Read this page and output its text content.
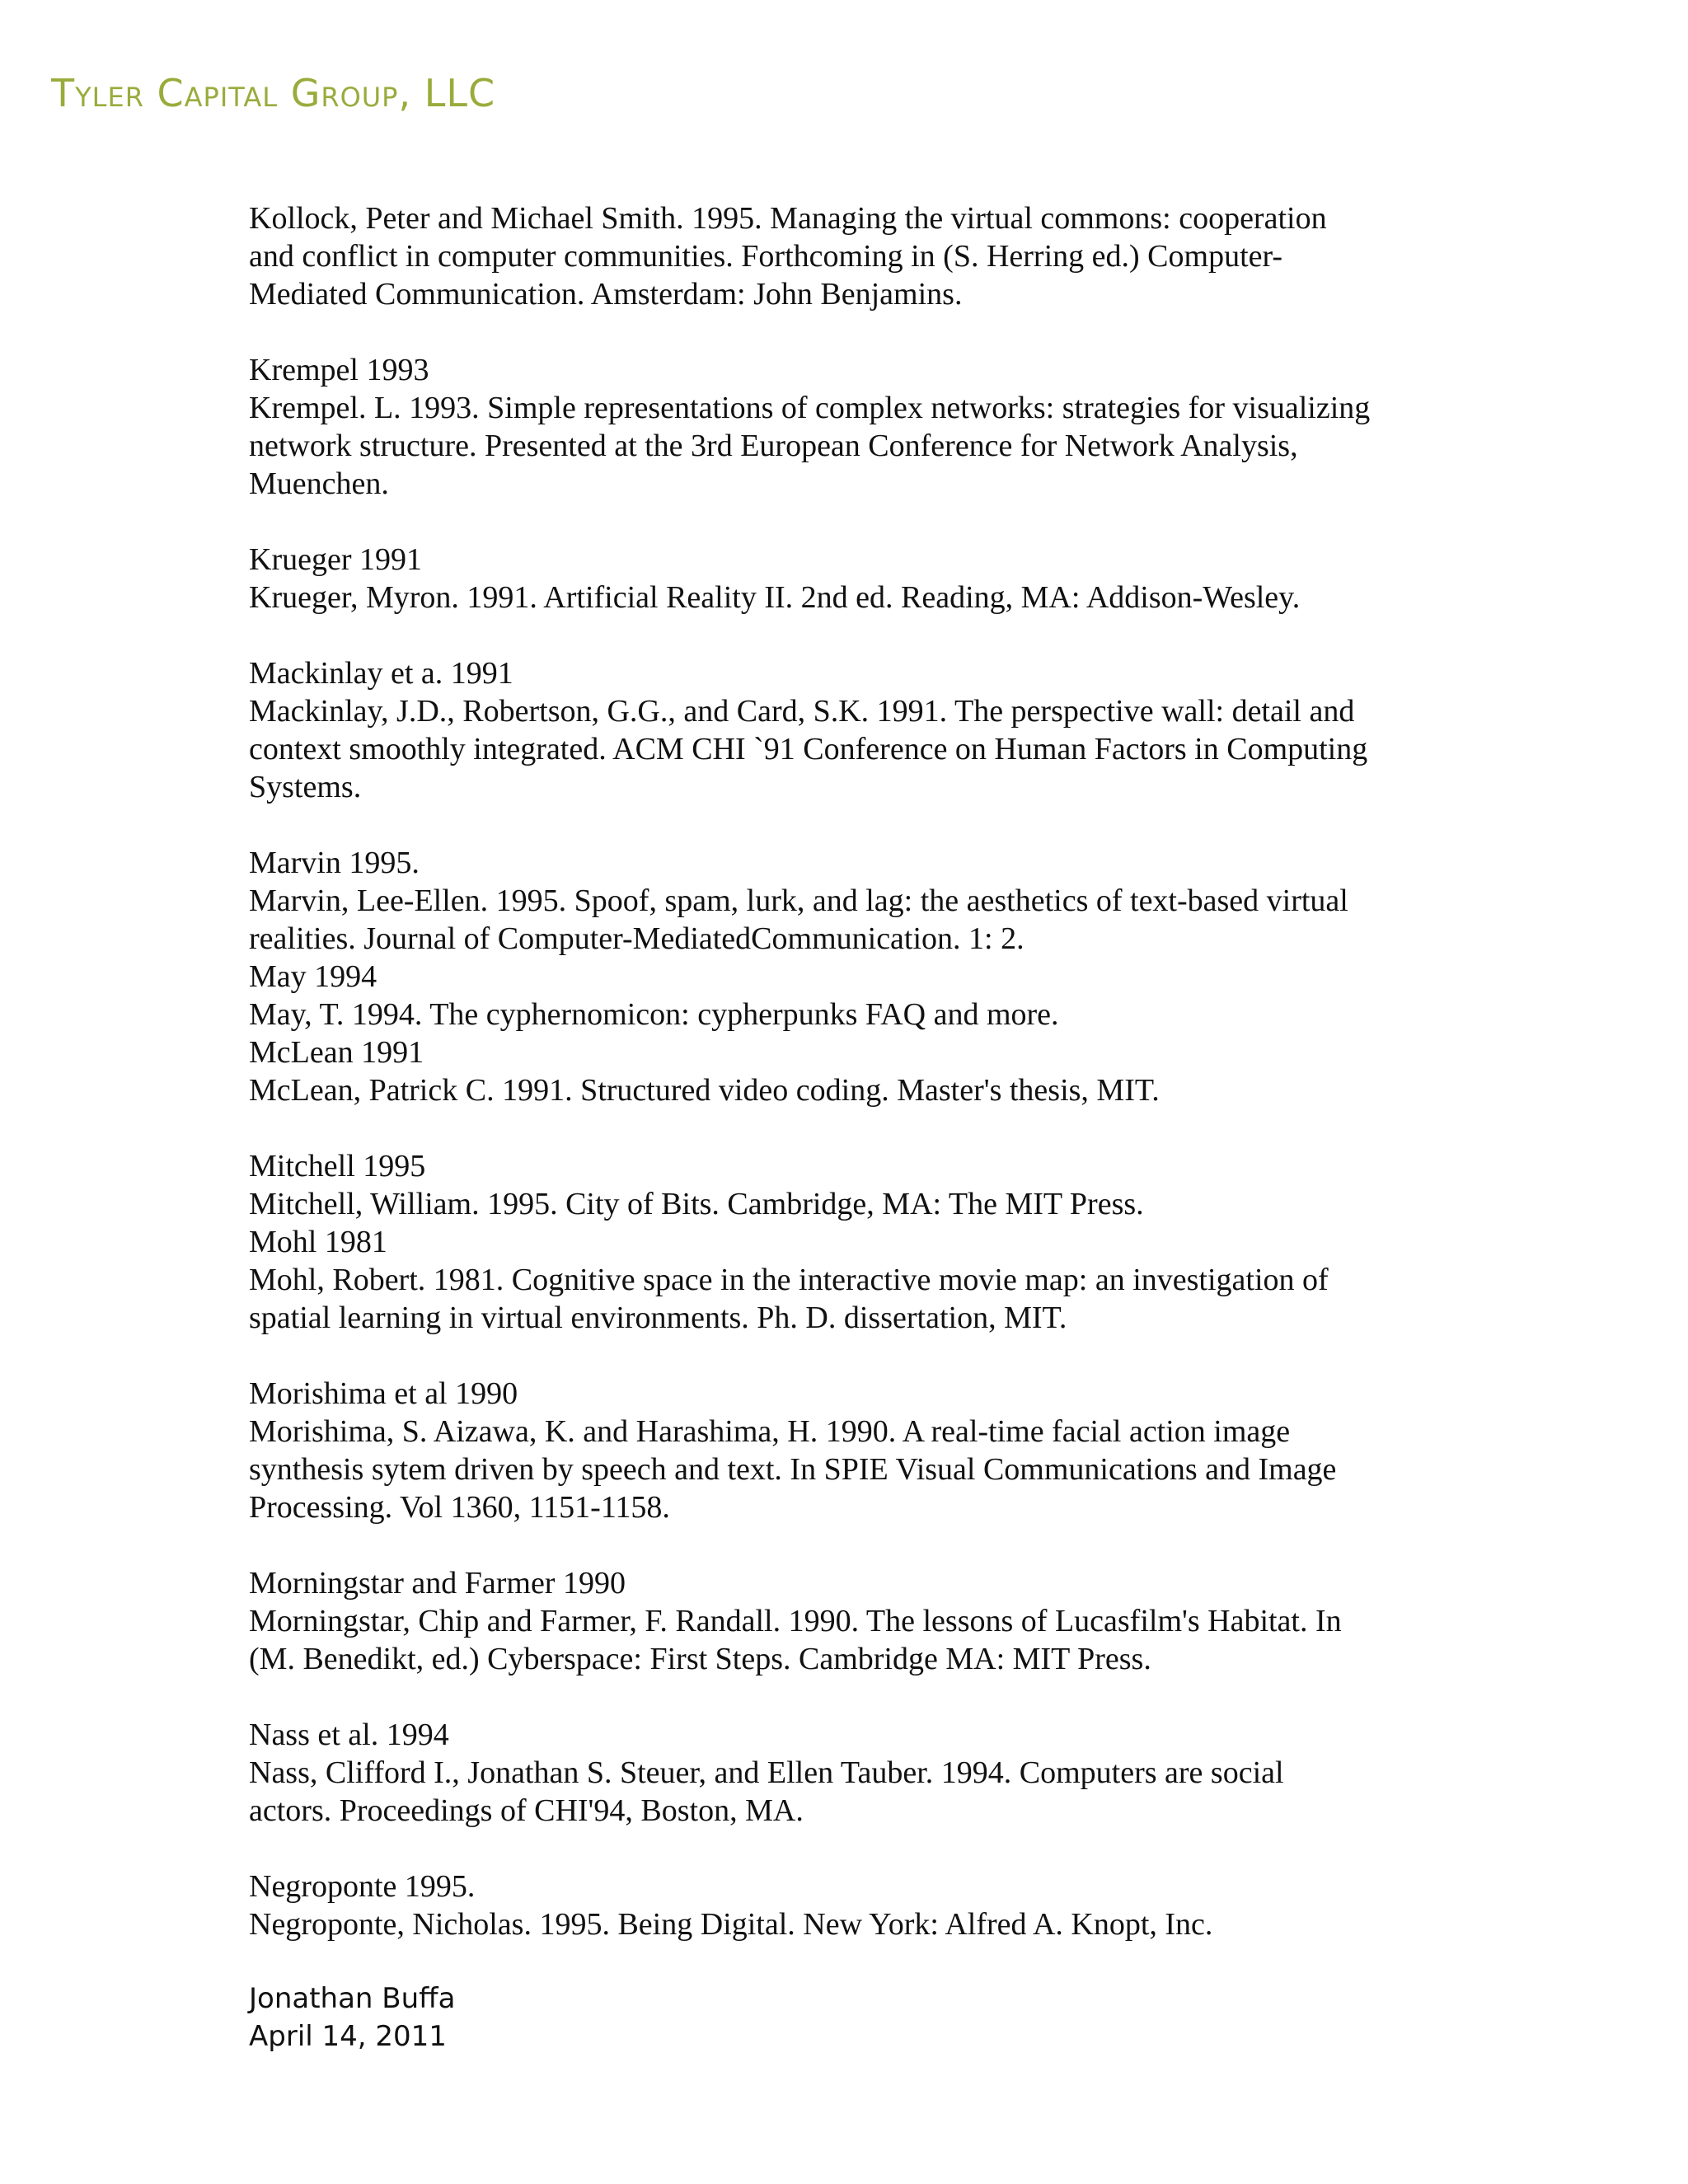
Tyler Capital Group, LLC
Kollock, Peter and Michael Smith. 1995. Managing the virtual commons: cooperation
and conflict in computer communities. Forthcoming in (S. Herring ed.) Computer-
Mediated Communication. Amsterdam: John Benjamins.
Krempel 1993
Krempel. L. 1993. Simple representations of complex networks: strategies for visualizing
network structure. Presented at the 3rd European Conference for Network Analysis,
Muenchen.
Krueger 1991
Krueger, Myron. 1991. Artificial Reality II. 2nd ed. Reading, MA: Addison-Wesley.
Mackinlay et a. 1991
Mackinlay, J.D., Robertson, G.G., and Card, S.K. 1991. The perspective wall: detail and
context smoothly integrated. ACM CHI `91 Conference on Human Factors in Computing
Systems.
Marvin 1995.
Marvin, Lee-Ellen. 1995. Spoof, spam, lurk, and lag: the aesthetics of text-based virtual
realities. Journal of Computer-MediatedCommunication. 1: 2.
May 1994
May, T. 1994. The cyphernomicon: cypherpunks FAQ and more.
McLean 1991
McLean, Patrick C. 1991. Structured video coding. Master's thesis, MIT.
Mitchell 1995
Mitchell, William. 1995. City of Bits. Cambridge, MA: The MIT Press.
Mohl 1981
Mohl, Robert. 1981. Cognitive space in the interactive movie map: an investigation of
spatial learning in virtual environments. Ph. D. dissertation, MIT.
Morishima et al 1990
Morishima, S. Aizawa, K. and Harashima, H. 1990. A real-time facial action image
synthesis sytem driven by speech and text. In SPIE Visual Communications and Image
Processing. Vol 1360, 1151-1158.
Morningstar and Farmer 1990
Morningstar, Chip and Farmer, F. Randall. 1990. The lessons of Lucasfilm's Habitat. In
(M. Benedikt, ed.) Cyberspace: First Steps. Cambridge MA: MIT Press.
Nass et al. 1994
Nass, Clifford I., Jonathan S. Steuer, and Ellen Tauber. 1994. Computers are social
actors. Proceedings of CHI'94, Boston, MA.
Negroponte 1995.
Negroponte, Nicholas. 1995. Being Digital. New York: Alfred A. Knopt, Inc.
Jonathan Buffa
April 14, 2011
